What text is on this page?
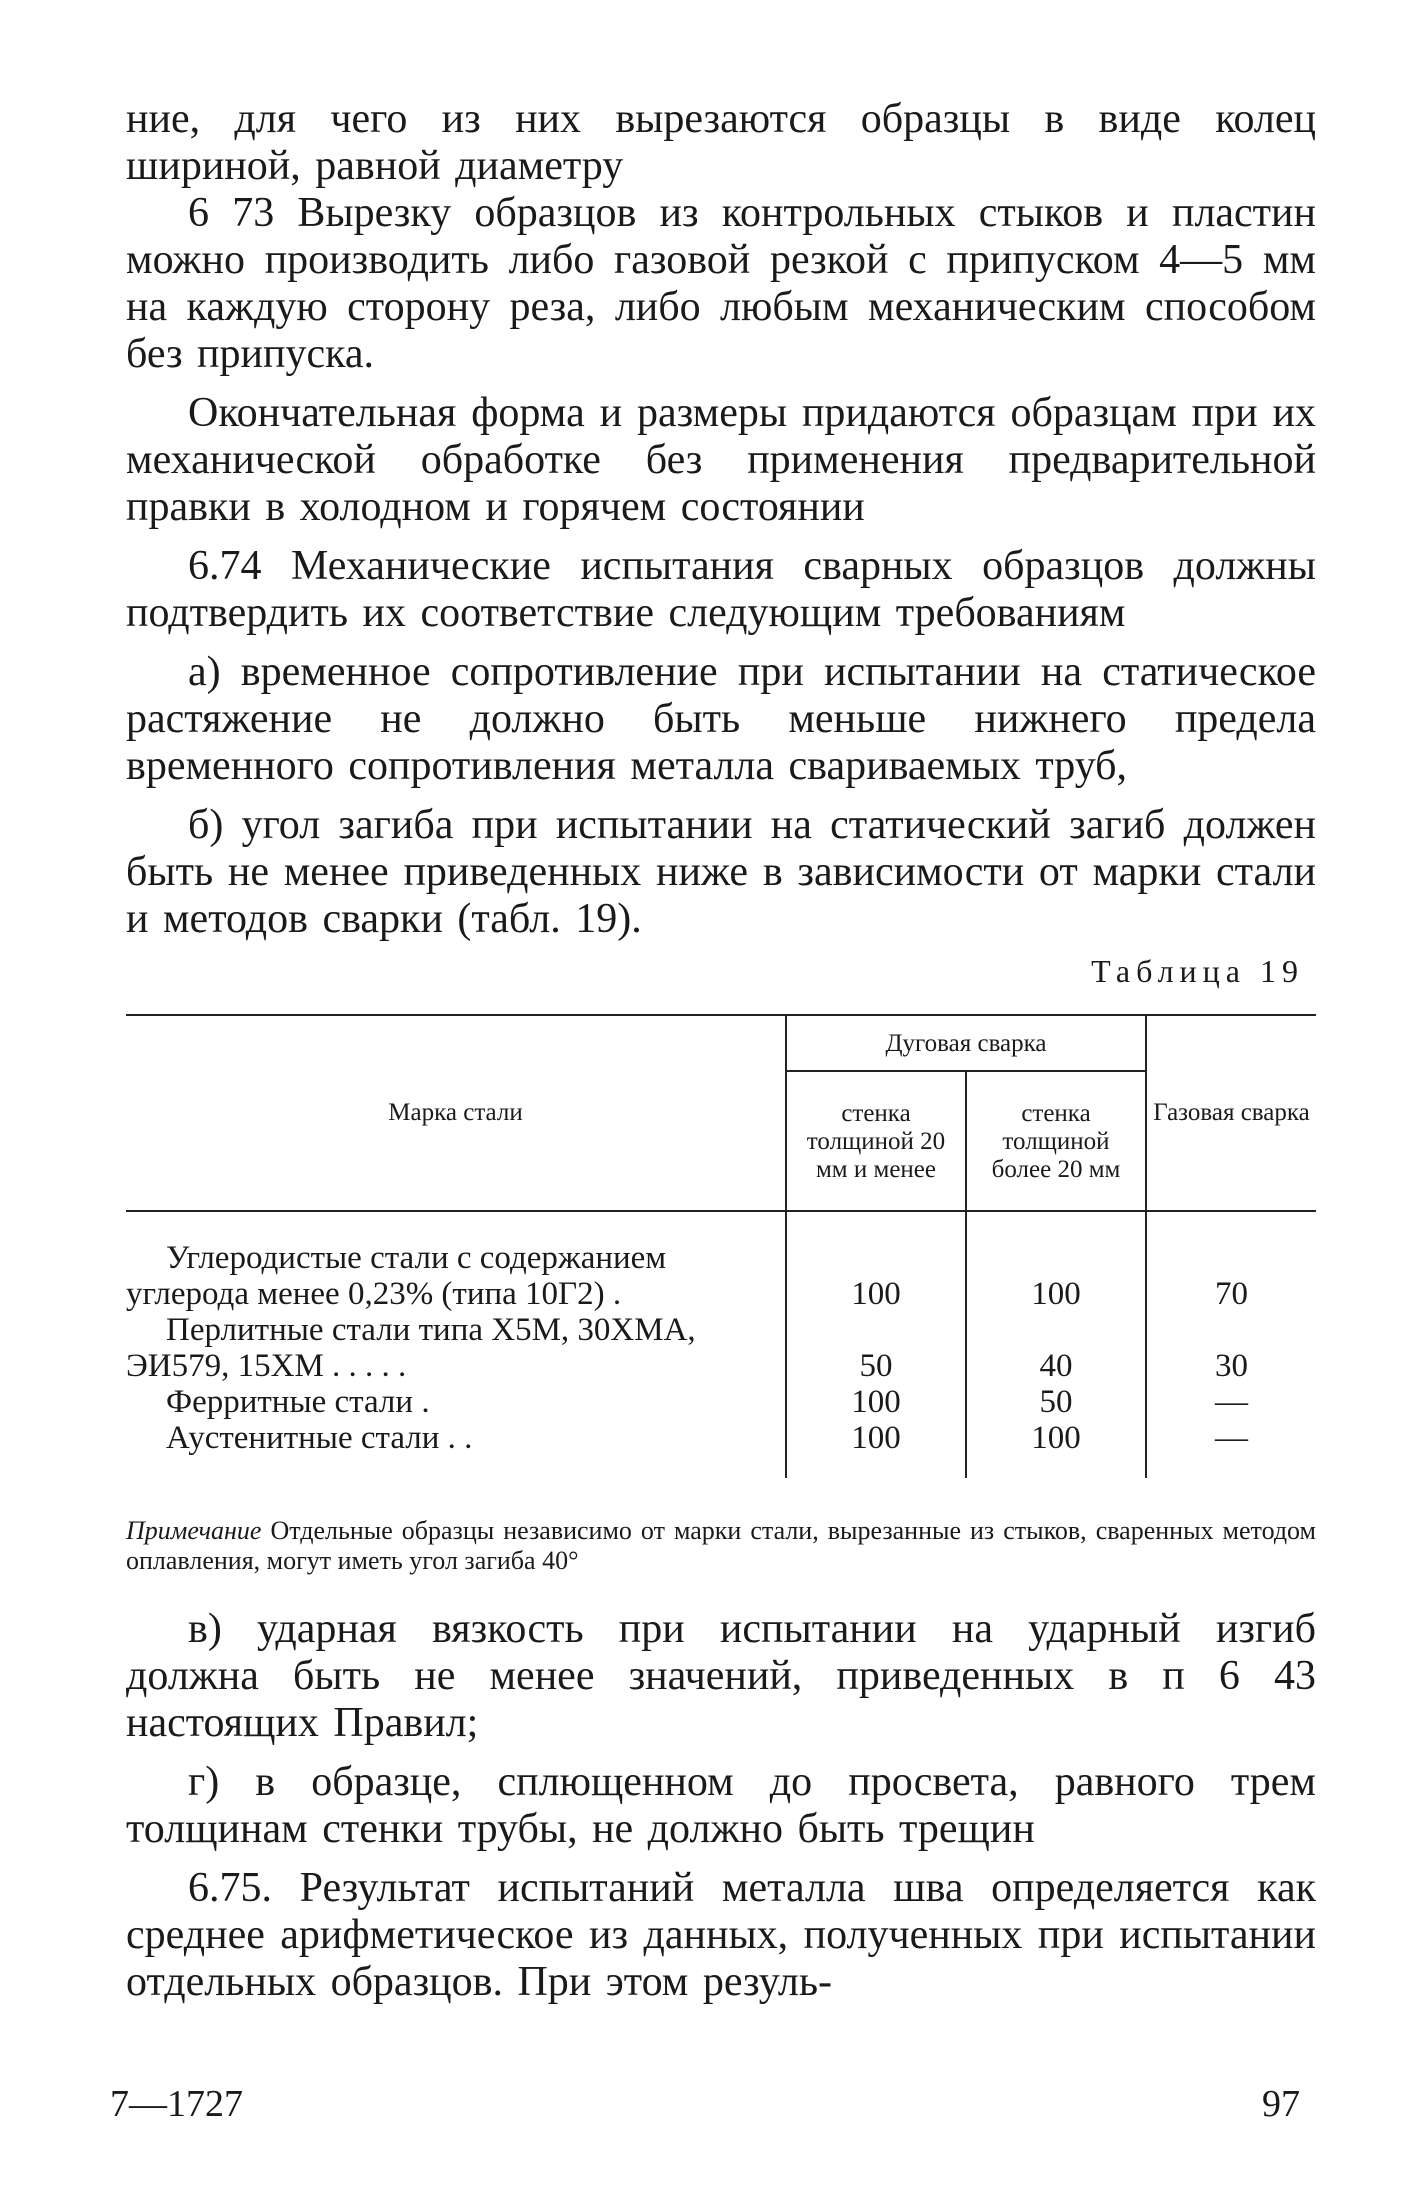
ние, для чего из них вырезаются образцы в виде колец шириной, равной диаметру

6 73 Вырезку образцов из контрольных стыков и пластин можно производить либо газовой резкой с припуском 4—5 мм на каждую сторону реза, либо любым механическим способом без припуска.

Окончательная форма и размеры придаются образцам при их механической обработке без применения предварительной правки в холодном и горячем состоянии

6.74 Механические испытания сварных образцов должны подтвердить их соответствие следующим требованиям

а) временное сопротивление при испытании на статическое растяжение не должно быть меньше нижнего предела временного сопротивления металла свариваемых труб,

б) угол загиба при испытании на статический загиб должен быть не менее приведенных ниже в зависимости от марки стали и методов сварки (табл. 19).

Таблица 19
Марка стали	Дуговая сварка		Газовая сварка
	стенка толщиной 20 мм и менее	стенка толщиной более 20 мм	

Углеродистые стали с содержанием углерода менее 0,23% (типа 10Г2) .	100	100	70
Перлитные стали типа Х5М, 30ХМА, ЭИ579, 15ХМ . . . . .	50	40	30
Ферритные стали .	100	50	—
Аустенитные стали . .	100	100	—

Примечание Отдельные образцы независимо от марки стали, вырезанные из стыков, сваренных методом оплавления, могут иметь угол загиба 40°

в) ударная вязкость при испытании на ударный изгиб должна быть не менее значений, приведенных в п 6 43 настоящих Правил;

г) в образце, сплющенном до просвета, равного трем толщинам стенки трубы, не должно быть трещин

6.75. Результат испытаний металла шва определяется как среднее арифметическое из данных, полученных при испытании отдельных образцов. При этом резуль-

7—1727	97
